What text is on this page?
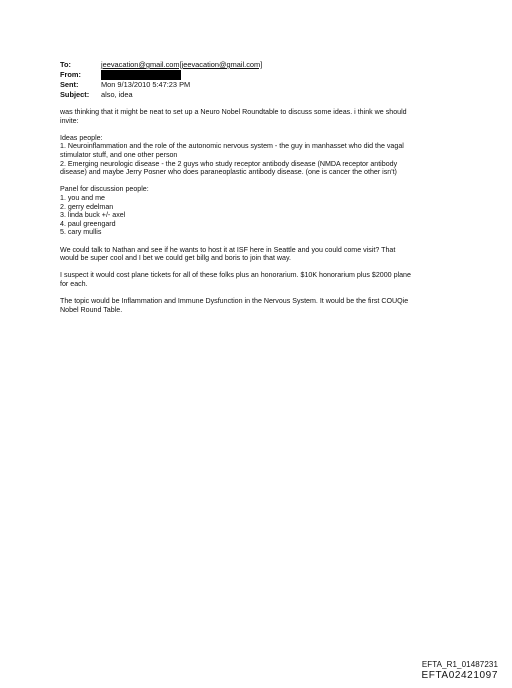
To:	jeevacation@gmail.com[jeevacation@gmail.com]
From:
Sent:	Mon 9/13/2010 5:47:23 PM
Subject:	also, idea
was thinking that it might be neat to set up a Neuro Nobel Roundtable to discuss some ideas. i think we should
invite:
Ideas people:
1. Neuroinflammation and the role of the autonomic nervous system - the guy in manhasset who did the vagal
stimulator stuff, and one other person
2. Emerging neurologic disease - the 2 guys who study receptor antibody disease (NMDA receptor antibody
disease) and maybe Jerry Posner who does paraneoplastic antibody disease. (one is cancer the other isn't)
Panel for discussion people:
1. you and me
2. gerry edelman
3. linda buck +/- axel
4. paul greengard
5. cary mullis
We could talk to Nathan and see if he wants to host it at ISF here in Seattle and you could come visit? That
would be super cool and I bet we could get billg and boris to join that way.
I suspect it would cost plane tickets for all of these folks plus an honorarium. $10K honorarium plus $2000 plane
for each.
The topic would be Inflammation and Immune Dysfunction in the Nervous System. It would be the first COUQie
Nobel Round Table.
EFTA_R1_01487231
EFTA02421097
